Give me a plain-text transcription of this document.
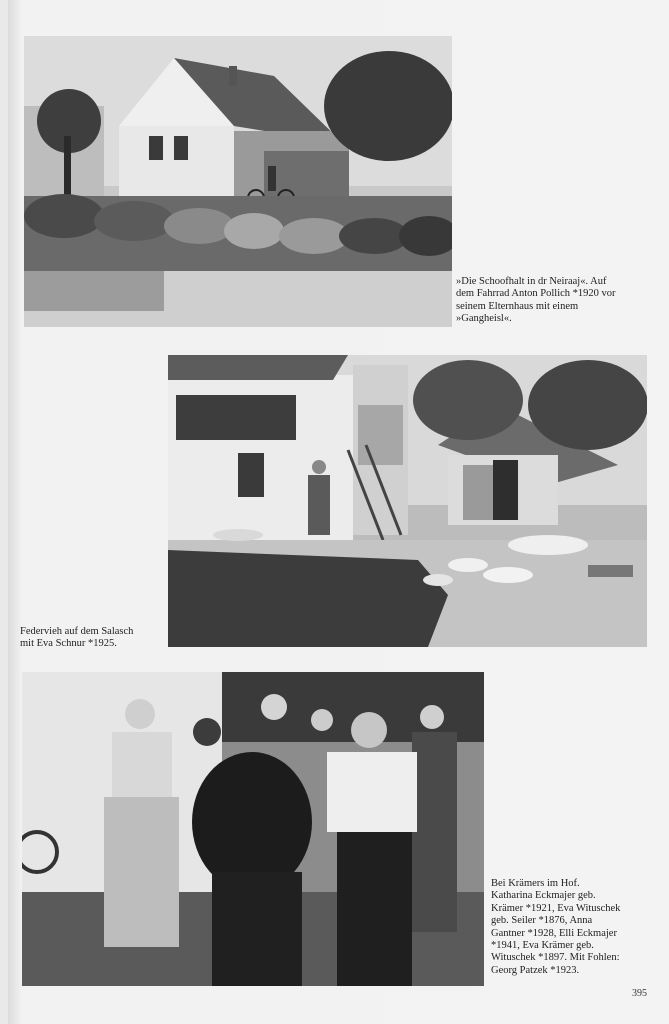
»Die Schoofhalt in dr Neiraaj«. Auf
dem Fahrrad Anton Pollich *1920 vor
seinem Elternhaus mit einem
»Gangheisl«.
Federvieh auf dem Salasch
mit Eva Schnur *1925.
Bei Krämers im Hof.
Katharina Eckmajer geb.
Krämer *1921, Eva Wituschek
geb. Seiler *1876, Anna
Gantner *1928, Elli Eckmajer
*1941, Eva Krämer geb.
Wituschek *1897. Mit Fohlen:
Georg Patzek *1923.
395
